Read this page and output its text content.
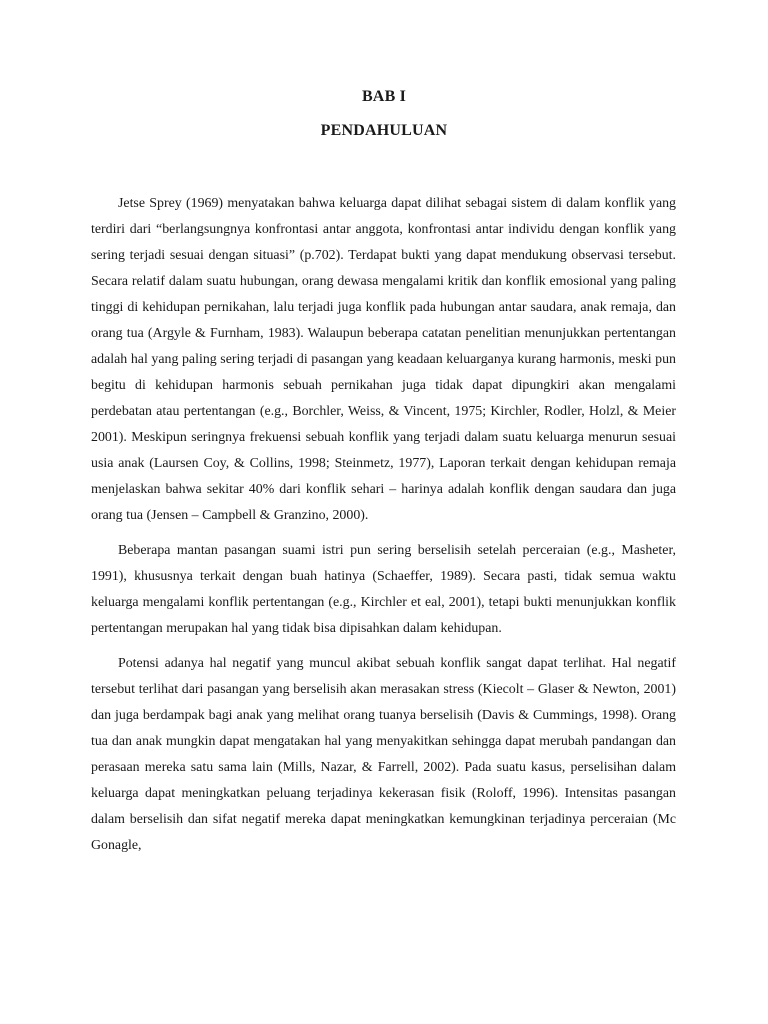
BAB I
PENDAHULUAN

Jetse Sprey (1969) menyatakan bahwa keluarga dapat dilihat sebagai sistem di dalam konflik yang terdiri dari “berlangsungnya konfrontasi antar anggota, konfrontasi antar individu dengan konflik yang sering terjadi sesuai dengan situasi” (p.702). Terdapat bukti yang dapat mendukung observasi tersebut. Secara relatif dalam suatu hubungan, orang dewasa mengalami kritik dan konflik emosional yang paling tinggi di kehidupan pernikahan, lalu terjadi juga konflik pada hubungan antar saudara, anak remaja, dan orang tua (Argyle & Furnham, 1983). Walaupun beberapa catatan penelitian menunjukkan pertentangan adalah hal yang paling sering terjadi di pasangan yang keadaan keluarganya kurang harmonis, meski pun begitu di kehidupan harmonis sebuah pernikahan juga tidak dapat dipungkiri akan mengalami perdebatan atau pertentangan (e.g., Borchler, Weiss, & Vincent, 1975; Kirchler, Rodler, Holzl, & Meier 2001). Meskipun seringnya frekuensi sebuah konflik yang terjadi dalam suatu keluarga menurun sesuai usia anak (Laursen Coy, & Collins, 1998; Steinmetz, 1977), Laporan terkait dengan kehidupan remaja menjelaskan bahwa sekitar 40% dari konflik sehari – harinya adalah konflik dengan saudara dan juga orang tua (Jensen – Campbell & Granzino, 2000).

Beberapa mantan pasangan suami istri pun sering berselisih setelah perceraian (e.g., Masheter, 1991), khususnya terkait dengan buah hatinya (Schaeffer, 1989). Secara pasti, tidak semua waktu keluarga mengalami konflik pertentangan (e.g., Kirchler et eal, 2001), tetapi bukti menunjukkan konflik pertentangan merupakan hal yang tidak bisa dipisahkan dalam kehidupan.

Potensi adanya hal negatif yang muncul akibat sebuah konflik sangat dapat terlihat. Hal negatif tersebut terlihat dari pasangan yang berselisih akan merasakan stress (Kiecolt – Glaser & Newton, 2001) dan juga berdampak bagi anak yang melihat orang tuanya berselisih (Davis & Cummings, 1998). Orang tua dan anak mungkin dapat mengatakan hal yang menyakitkan sehingga dapat merubah pandangan dan perasaan mereka satu sama lain (Mills, Nazar, & Farrell, 2002). Pada suatu kasus, perselisihan dalam keluarga dapat meningkatkan peluang terjadinya kekerasan fisik (Roloff, 1996). Intensitas pasangan dalam berselisih dan sifat negatif mereka dapat meningkatkan kemungkinan terjadinya perceraian (Mc Gonagle,
